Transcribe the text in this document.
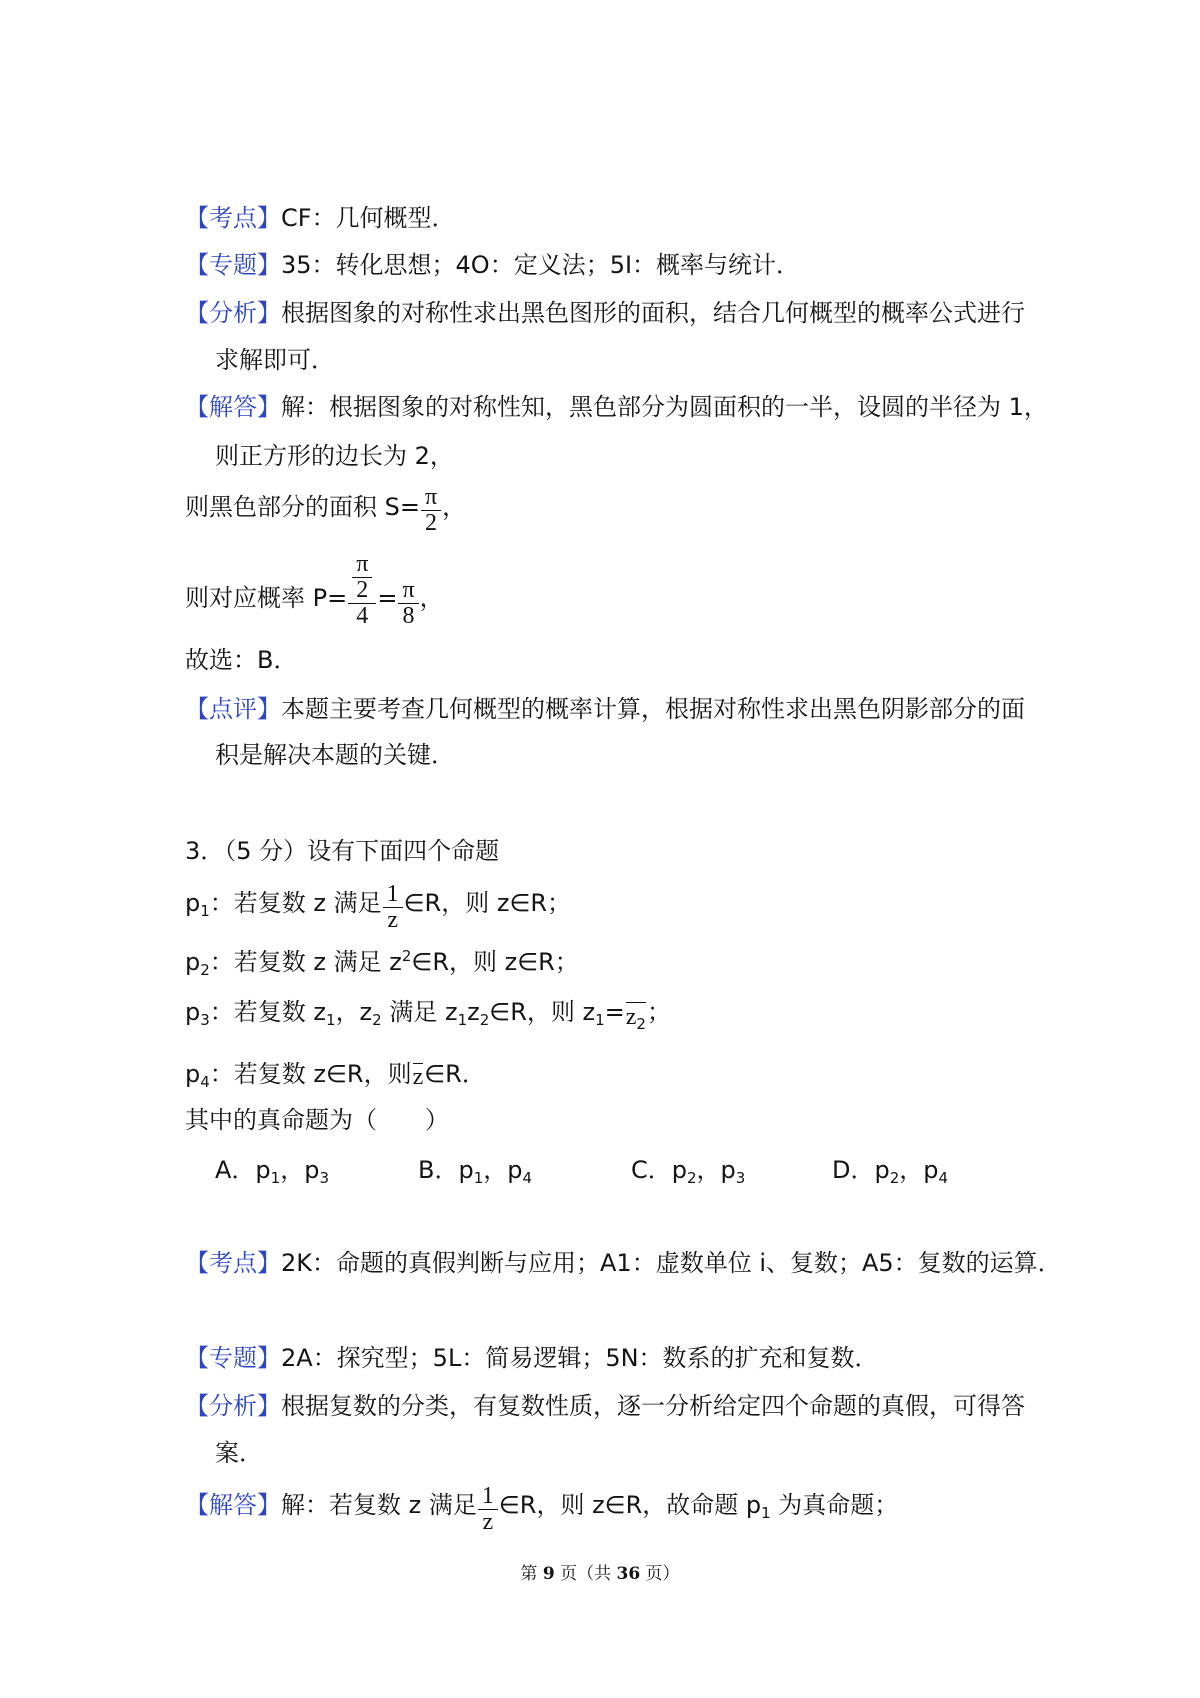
【考点】 CF：几何概型．
【专题】 35：转化思想；4O：定义法；5I：概率与统计．
【分析】 根据图象的对称性求出黑色图形的面积，结合几何概型的概率公式进行
求解即可．
【解答】 解：根据图象的对称性知，黑色部分为圆面积的一半，设圆的半径为 1，
则正方形的边长为 2，
则黑色部分的面积 $S= \frac{\pi}{2}$ ，
则对应概率 $P= \frac{\frac{\pi}{2}}{4} = \frac{\pi}{8}$ ，
故选：B．
【点评】 本题主要考查几何概型的概率计算，根据对称性求出黑色阴影部分的面
积是解决本题的关键．
3．（5 分）设有下面四个命题
$p_1$：若复数 z 满足 $\frac{1}{z}$ ∈R，则 z∈R；
$p_2$：若复数 z 满足 $z^2\in R$，则 z∈R；
$p_3$：若复数 $z_1$，$z_2$ 满足 $z_1z_2\in R$，则 $z_1=z_2$；
$p_4$：若复数 z∈R，则z∈R．
其中的真命题为（　　）
A．$p_1$，$p_3$	B．$p_1$，$p_4$	C．$p_2$，$p_3$	D．$p_2$，$p_4$
【考点】 2K：命题的真假判断与应用；A1：虚数单位 i、复数；A5：复数的运算．
【专题】 2A：探究型；5L：简易逻辑；5N：数系的扩充和复数．
【分析】 根据复数的分类，有复数性质，逐一分析给定四个命题的真假，可得答
案．
【解答】 解：若复数 z 满足 $\frac{1}{z}$ ∈R，则 z∈R，故命题 $p_1$ 为真命题；
第 9 页（共 36 页）
